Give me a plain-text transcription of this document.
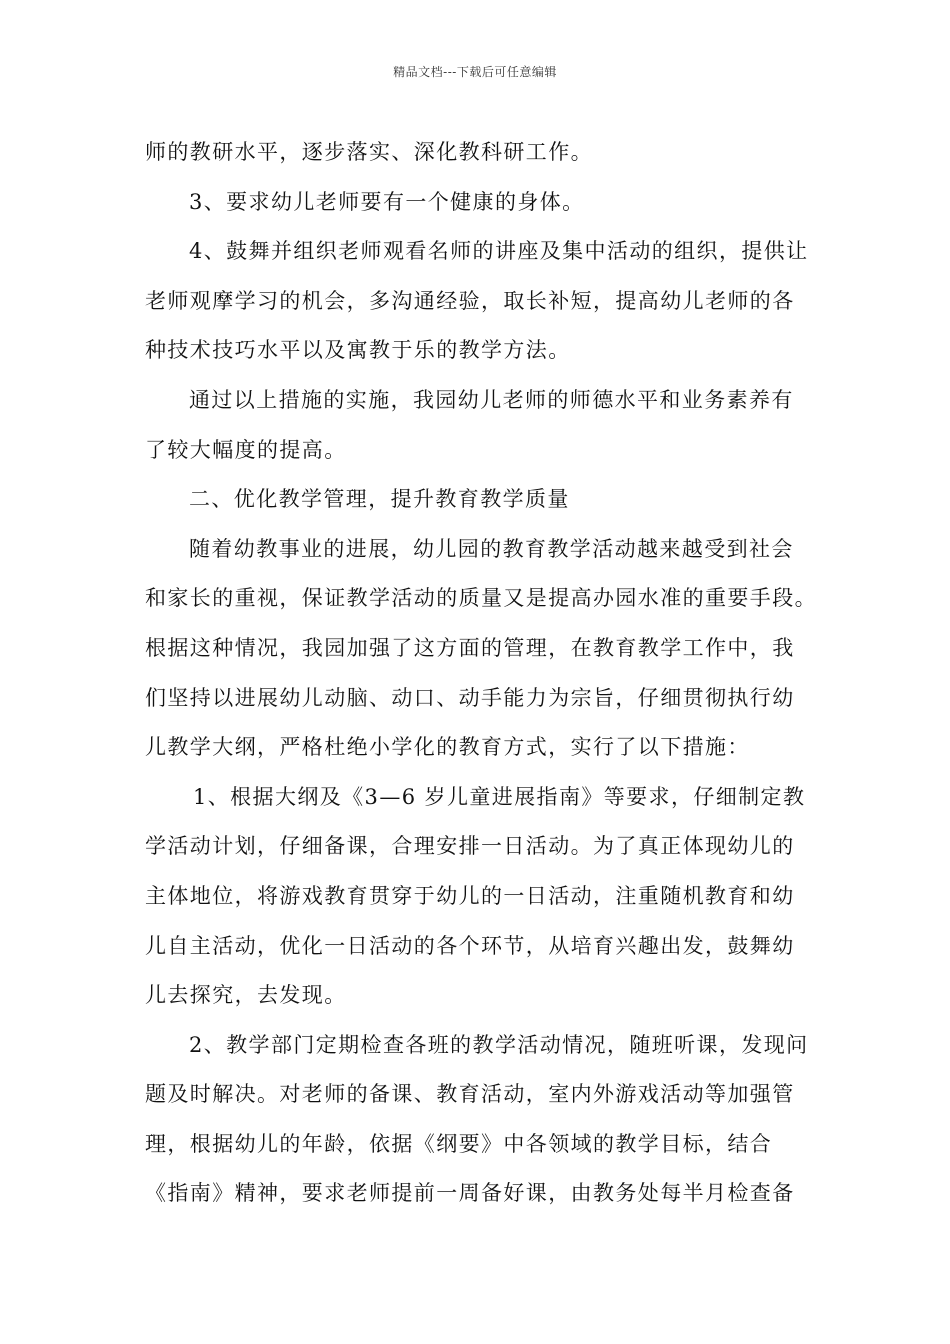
精品文档---下载后可任意编辑
师的教研水平，逐步落实、深化教科研工作。
3、要求幼儿老师要有一个健康的身体。
4、鼓舞并组织老师观看名师的讲座及集中活动的组织，提供让
老师观摩学习的机会，多沟通经验，取长补短，提高幼儿老师的各
种技术技巧水平以及寓教于乐的教学方法。
通过以上措施的实施，我园幼儿老师的师德水平和业务素养有
了较大幅度的提高。
二、优化教学管理，提升教育教学质量
随着幼教事业的进展，幼儿园的教育教学活动越来越受到社会
和家长的重视，保证教学活动的质量又是提高办园水准的重要手段。
根据这种情况，我园加强了这方面的管理，在教育教学工作中，我
们坚持以进展幼儿动脑、动口、动手能力为宗旨，仔细贯彻执行幼
儿教学大纲，严格杜绝小学化的教育方式，实行了以下措施：
1、根据大纲及《3—6 岁儿童进展指南》等要求，仔细制定教
学活动计划，仔细备课，合理安排一日活动。为了真正体现幼儿的
主体地位，将游戏教育贯穿于幼儿的一日活动，注重随机教育和幼
儿自主活动，优化一日活动的各个环节，从培育兴趣出发，鼓舞幼
儿去探究，去发现。
2、教学部门定期检查各班的教学活动情况，随班听课，发现问
题及时解决。对老师的备课、教育活动，室内外游戏活动等加强管
理，根据幼儿的年龄，依据《纲要》中各领域的教学目标，结合
《指南》精神，要求老师提前一周备好课，由教务处每半月检查备
